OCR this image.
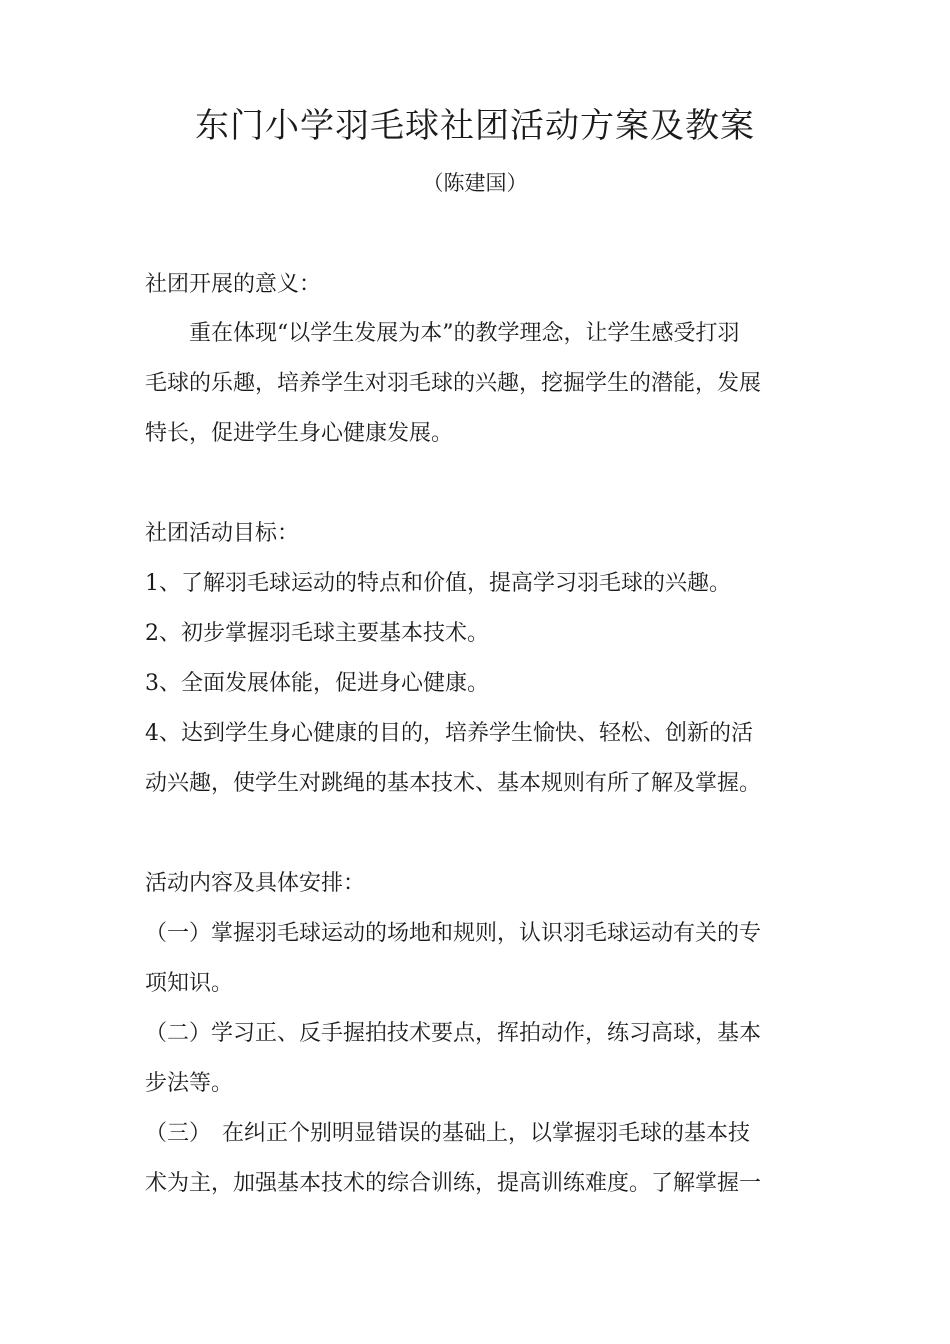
东门小学羽毛球社团活动方案及教案
（陈建国）
社团开展的意义：
　　重在体现“以学生发展为本”的教学理念，让学生感受打羽
毛球的乐趣，培养学生对羽毛球的兴趣，挖掘学生的潜能，发展
特长，促进学生身心健康发展。
社团活动目标：
1、了解羽毛球运动的特点和价值，提高学习羽毛球的兴趣。
2、初步掌握羽毛球主要基本技术。
3、全面发展体能，促进身心健康。
4、达到学生身心健康的目的，培养学生愉快、轻松、创新的活
动兴趣，使学生对跳绳的基本技术、基本规则有所了解及掌握。
活动内容及具体安排：
（一）掌握羽毛球运动的场地和规则，认识羽毛球运动有关的专
项知识。
（二）学习正、反手握拍技术要点，挥拍动作，练习高球，基本
步法等。
（三）　在纠正个别明显错误的基础上，以掌握羽毛球的基本技
术为主，加强基本技术的综合训练，提高训练难度。了解掌握一
